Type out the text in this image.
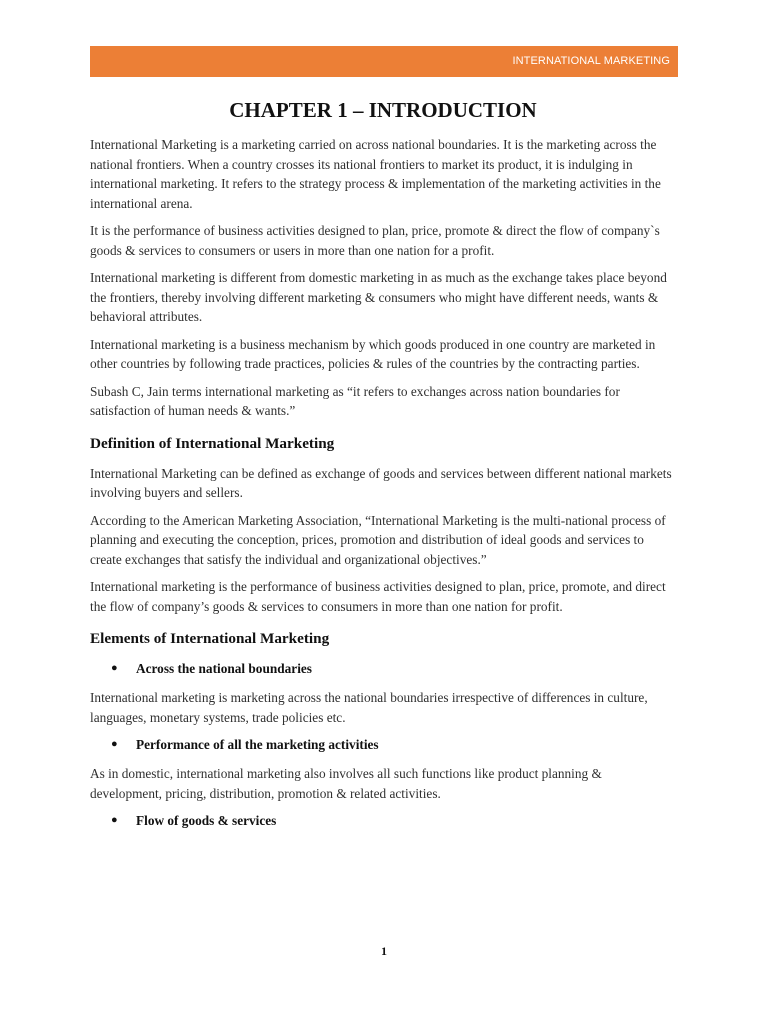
INTERNATIONAL MARKETING
CHAPTER 1 – INTRODUCTION

International Marketing is a marketing carried on across national boundaries. It is the marketing across the national frontiers. When a country crosses its national frontiers to market its product, it is indulging in international marketing. It refers to the strategy process & implementation of the marketing activities in the international arena.

It is the performance of business activities designed to plan, price, promote & direct the flow of company`s goods & services to consumers or users in more than one nation for a profit.

International marketing is different from domestic marketing in as much as the exchange takes place beyond the frontiers, thereby involving different marketing & consumers who might have different needs, wants & behavioral attributes.

International marketing is a business mechanism by which goods produced in one country are marketed in other countries by following trade practices, policies & rules of the countries by the contracting parties.

Subash C, Jain terms international marketing as “it refers to exchanges across nation boundaries for satisfaction of human needs & wants.”

Definition of International Marketing

International Marketing can be defined as exchange of goods and services between different national markets involving buyers and sellers.

According to the American Marketing Association, “International Marketing is the multi-national process of planning and executing the conception, prices, promotion and distribution of ideal goods and services to create exchanges that satisfy the individual and organizational objectives.”

International marketing is the performance of business activities designed to plan, price, promote, and direct the flow of company’s goods & services to consumers in more than one nation for profit.

Elements of International Marketing
● Across the national boundaries

International marketing is marketing across the national boundaries irrespective of differences in culture, languages, monetary systems, trade policies etc.

● Performance of all the marketing activities

As in domestic, international marketing also involves all such functions like product planning & development, pricing, distribution, promotion & related activities.

● Flow of goods & services
1
